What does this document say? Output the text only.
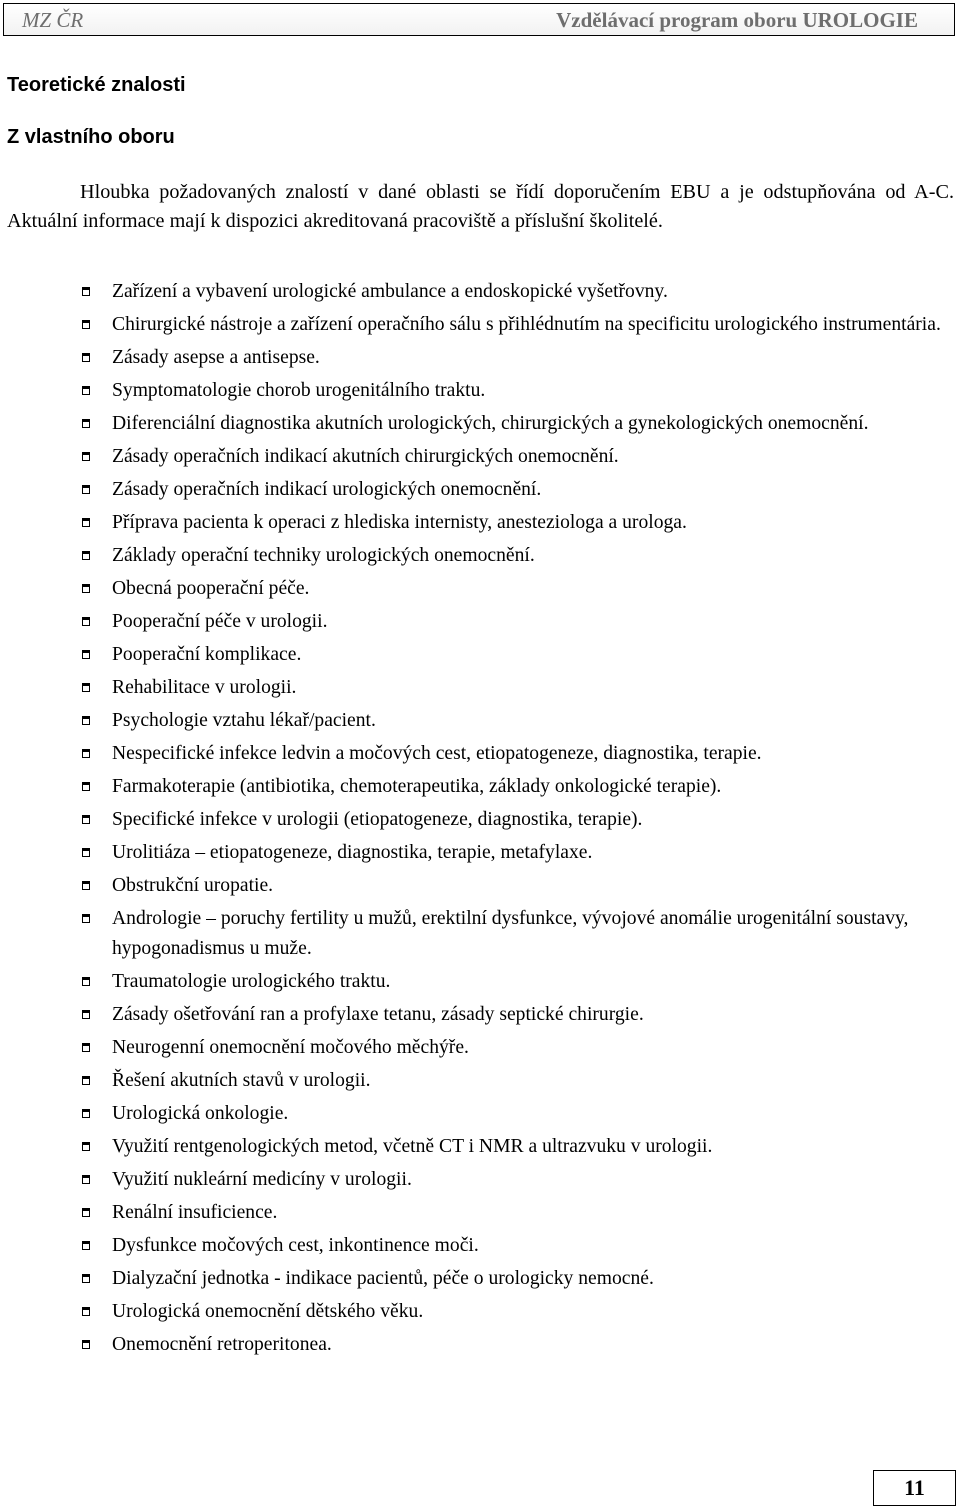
MZ ČR	Vzdělávací program oboru UROLOGIE
Teoretické znalosti
Z vlastního oboru

Hloubka požadovaných znalostí v dané oblasti se řídí doporučením EBU a je odstupňována od A-C. Aktuální informace mají k dispozici akreditovaná pracoviště a příslušní školitelé.

Zařízení a vybavení urologické ambulance a endoskopické vyšetřovny.
Chirurgické nástroje a zařízení operačního sálu s přihlédnutím na specificitu urologického instrumentária.
Zásady asepse a antisepse.
Symptomatologie chorob urogenitálního traktu.
Diferenciální diagnostika akutních urologických, chirurgických a gynekologických onemocnění.
Zásady operačních indikací akutních chirurgických onemocnění.
Zásady operačních indikací urologických onemocnění.
Příprava pacienta k operaci z hlediska internisty, anesteziologa a urologa.
Základy operační techniky urologických onemocnění.
Obecná pooperační péče.
Pooperační péče v urologii.
Pooperační komplikace.
Rehabilitace v urologii.
Psychologie vztahu lékař/pacient.
Nespecifické infekce ledvin a močových cest, etiopatogeneze, diagnostika, terapie.
Farmakoterapie (antibiotika, chemoterapeutika, základy onkologické terapie).
Specifické infekce v urologii (etiopatogeneze, diagnostika, terapie).
Urolitiáza – etiopatogeneze, diagnostika, terapie, metafylaxe.
Obstrukční uropatie.
Andrologie – poruchy fertility u mužů, erektilní dysfunkce, vývojové anomálie urogenitální soustavy, hypogonadismus u muže.
Traumatologie urologického traktu.
Zásady ošetřování ran a profylaxe tetanu, zásady septické chirurgie.
Neurogenní onemocnění močového měchýře.
Řešení akutních stavů v urologii.
Urologická onkologie.
Využití rentgenologických metod, včetně CT i NMR a ultrazvuku v urologii.
Využití nukleární medicíny v urologii.
Renální insuficience.
Dysfunkce močových cest, inkontinence moči.
Dialyzační jednotka - indikace pacientů, péče o urologicky nemocné.
Urologická onemocnění dětského věku.
Onemocnění retroperitonea.
11
